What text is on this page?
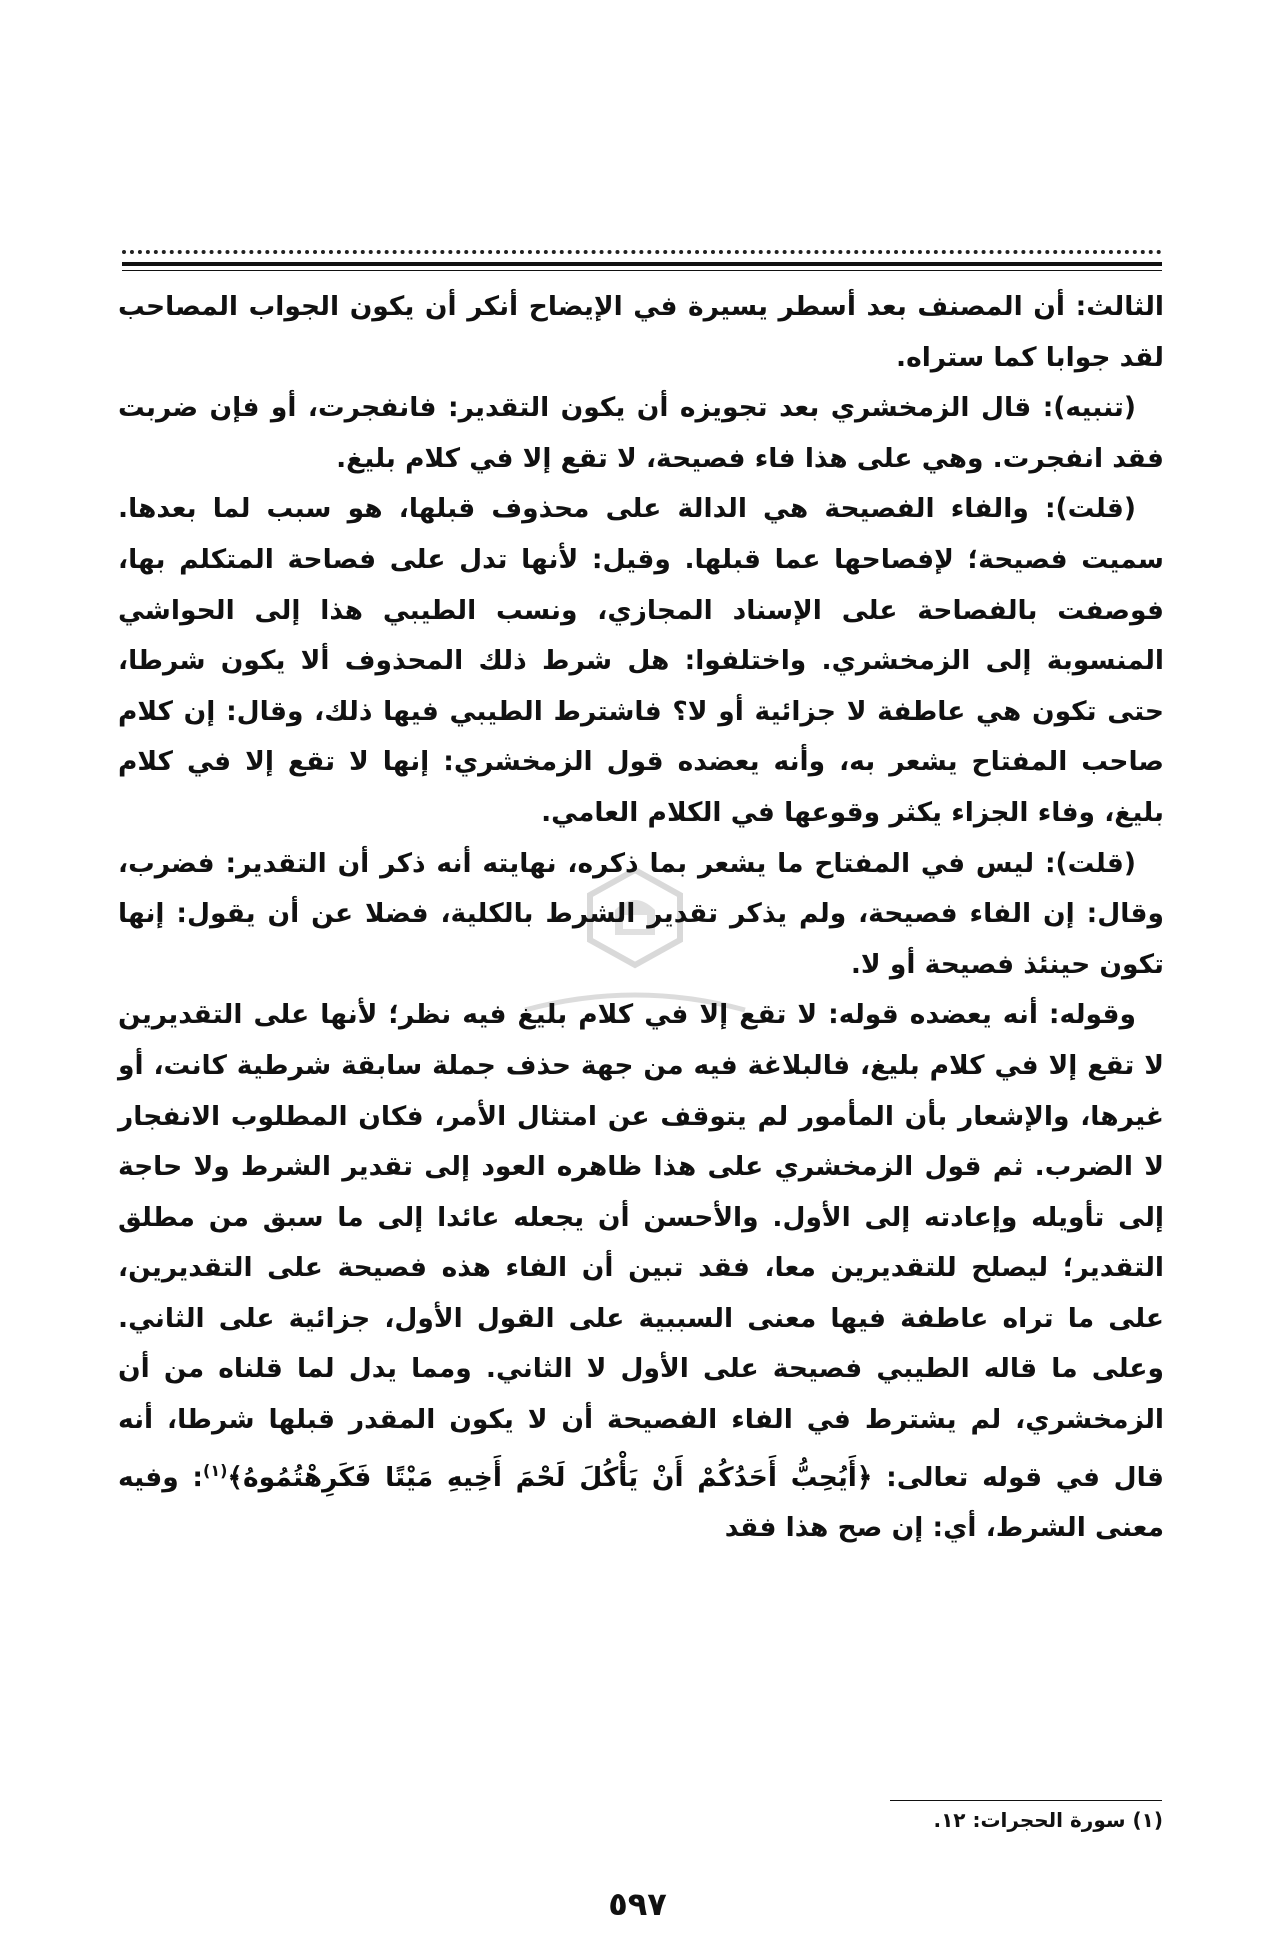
الثالث: أن المصنف بعد أسطر يسيرة في الإيضاح أنكر أن يكون الجواب المصاحب لقد جوابا كما ستراه.

(تنبيه): قال الزمخشري بعد تجويزه أن يكون التقدير: فانفجرت، أو فإن ضربت فقد انفجرت. وهي على هذا فاء فصيحة، لا تقع إلا في كلام بليغ.

(قلت): والفاء الفصيحة هي الدالة على محذوف قبلها، هو سبب لما بعدها. سميت فصيحة؛ لإفصاحها عما قبلها. وقيل: لأنها تدل على فصاحة المتكلم بها، فوصفت بالفصاحة على الإسناد المجازي، ونسب الطيبي هذا إلى الحواشي المنسوبة إلى الزمخشري. واختلفوا: هل شرط ذلك المحذوف ألا يكون شرطا، حتى تكون هي عاطفة لا جزائية أو لا؟ فاشترط الطيبي فيها ذلك، وقال: إن كلام صاحب المفتاح يشعر به، وأنه يعضده قول الزمخشري: إنها لا تقع إلا في كلام بليغ، وفاء الجزاء يكثر وقوعها في الكلام العامي.

(قلت): ليس في المفتاح ما يشعر بما ذكره، نهايته أنه ذكر أن التقدير: فضرب، وقال: إن الفاء فصيحة، ولم يذكر تقدير الشرط بالكلية، فضلا عن أن يقول: إنها تكون حينئذ فصيحة أو لا.

وقوله: أنه يعضده قوله: لا تقع إلا في كلام بليغ فيه نظر؛ لأنها على التقديرين لا تقع إلا في كلام بليغ، فالبلاغة فيه من جهة حذف جملة سابقة شرطية كانت، أو غيرها، والإشعار بأن المأمور لم يتوقف عن امتثال الأمر، فكان المطلوب الانفجار لا الضرب. ثم قول الزمخشري على هذا ظاهره العود إلى تقدير الشرط ولا حاجة إلى تأويله وإعادته إلى الأول. والأحسن أن يجعله عائدا إلى ما سبق من مطلق التقدير؛ ليصلح للتقديرين معا، فقد تبين أن الفاء هذه فصيحة على التقديرين، على ما تراه عاطفة فيها معنى السببية على القول الأول، جزائية على الثاني. وعلى ما قاله الطيبي فصيحة على الأول لا الثاني. ومما يدل لما قلناه من أن الزمخشري، لم يشترط في الفاء الفصيحة أن لا يكون المقدر قبلها شرطا، أنه قال في قوله تعالى: ﴿أَيُحِبُّ أَحَدُكُمْ أَنْ يَأْكُلَ لَحْمَ أَخِيهِ مَيْتًا فَكَرِهْتُمُوهُ﴾$^{(١)}$: وفيه معنى الشرط، أي: إن صح هذا فقد

(١) سورة الحجرات: ١٢.
٥٩٧
